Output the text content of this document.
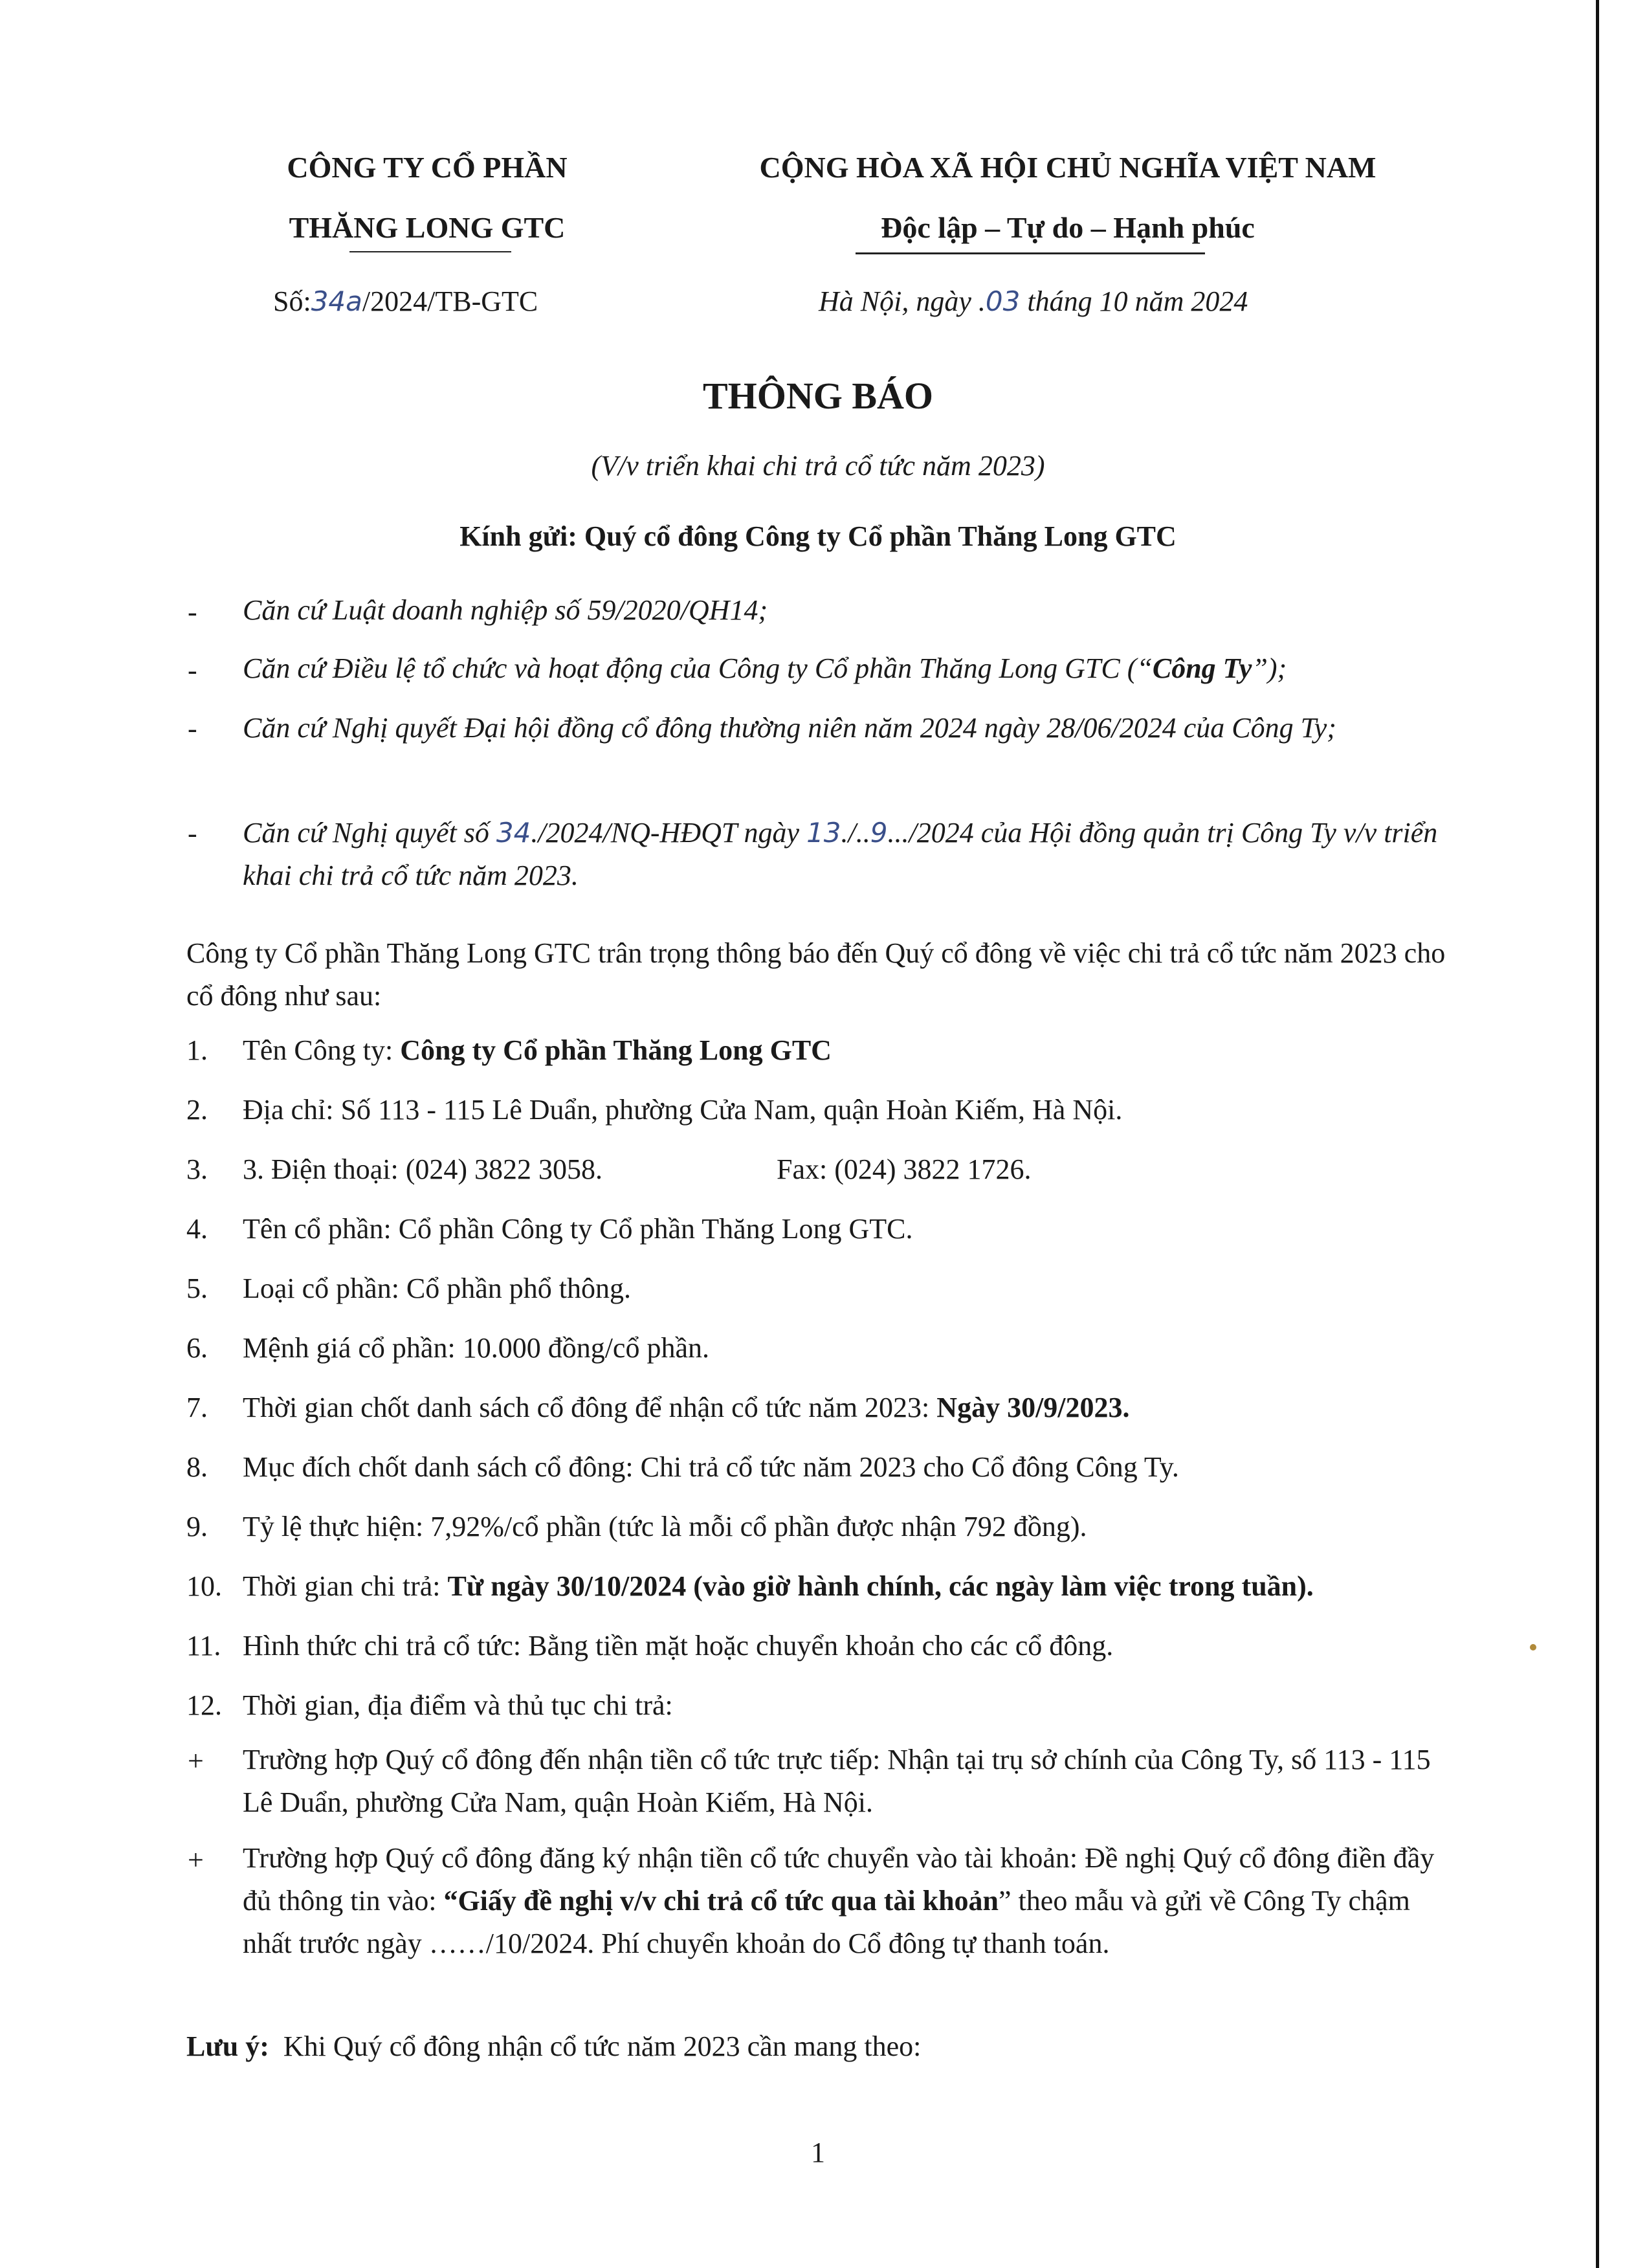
CÔNG TY CỔ PHẦN
THĂNG LONG GTC
Số:34a/2024/TB-GTC
CỘNG HÒA XÃ HỘI CHỦ NGHĨA VIỆT NAM
Độc lập – Tự do – Hạnh phúc
Hà Nội, ngày .03 tháng 10 năm 2024
THÔNG BÁO
(V/v triển khai chi trả cổ tức năm 2023)
Kính gửi: Quý cổ đông Công ty Cổ phần Thăng Long GTC
- Căn cứ Luật doanh nghiệp số 59/2020/QH14;
- Căn cứ Điều lệ tổ chức và hoạt động của Công ty Cổ phần Thăng Long GTC (“Công Ty”);
- Căn cứ Nghị quyết Đại hội đồng cổ đông thường niên năm 2024 ngày 28/06/2024 của Công Ty;
- Căn cứ Nghị quyết số 34./2024/NQ-HĐQT ngày 13./..9.../2024 của Hội đồng quản trị Công Ty v/v triển khai chi trả cổ tức năm 2023.
Công ty Cổ phần Thăng Long GTC trân trọng thông báo đến Quý cổ đông về việc chi trả cổ tức năm 2023 cho cổ đông như sau:
1. Tên Công ty: Công ty Cổ phần Thăng Long GTC
2. Địa chỉ: Số 113 - 115 Lê Duẩn, phường Cửa Nam, quận Hoàn Kiếm, Hà Nội.
3. 3. Điện thoại: (024) 3822 3058.	Fax: (024) 3822 1726.
4. Tên cổ phần: Cổ phần Công ty Cổ phần Thăng Long GTC.
5. Loại cổ phần: Cổ phần phổ thông.
6. Mệnh giá cổ phần: 10.000 đồng/cổ phần.
7. Thời gian chốt danh sách cổ đông để nhận cổ tức năm 2023: Ngày 30/9/2023.
8. Mục đích chốt danh sách cổ đông: Chi trả cổ tức năm 2023 cho Cổ đông Công Ty.
9. Tỷ lệ thực hiện: 7,92%/cổ phần (tức là mỗi cổ phần được nhận 792 đồng).
10. Thời gian chi trả: Từ ngày 30/10/2024 (vào giờ hành chính, các ngày làm việc trong tuần).
11. Hình thức chi trả cổ tức: Bằng tiền mặt hoặc chuyển khoản cho các cổ đông.
12. Thời gian, địa điểm và thủ tục chi trả:
+ Trường hợp Quý cổ đông đến nhận tiền cổ tức trực tiếp: Nhận tại trụ sở chính của Công Ty, số 113 - 115 Lê Duẩn, phường Cửa Nam, quận Hoàn Kiếm, Hà Nội.
+ Trường hợp Quý cổ đông đăng ký nhận tiền cổ tức chuyển vào tài khoản: Đề nghị Quý cổ đông điền đầy đủ thông tin vào: “Giấy đề nghị v/v chi trả cổ tức qua tài khoản” theo mẫu và gửi về Công Ty chậm nhất trước ngày ……/10/2024. Phí chuyển khoản do Cổ đông tự thanh toán.
Lưu ý: Khi Quý cổ đông nhận cổ tức năm 2023 cần mang theo:
1
